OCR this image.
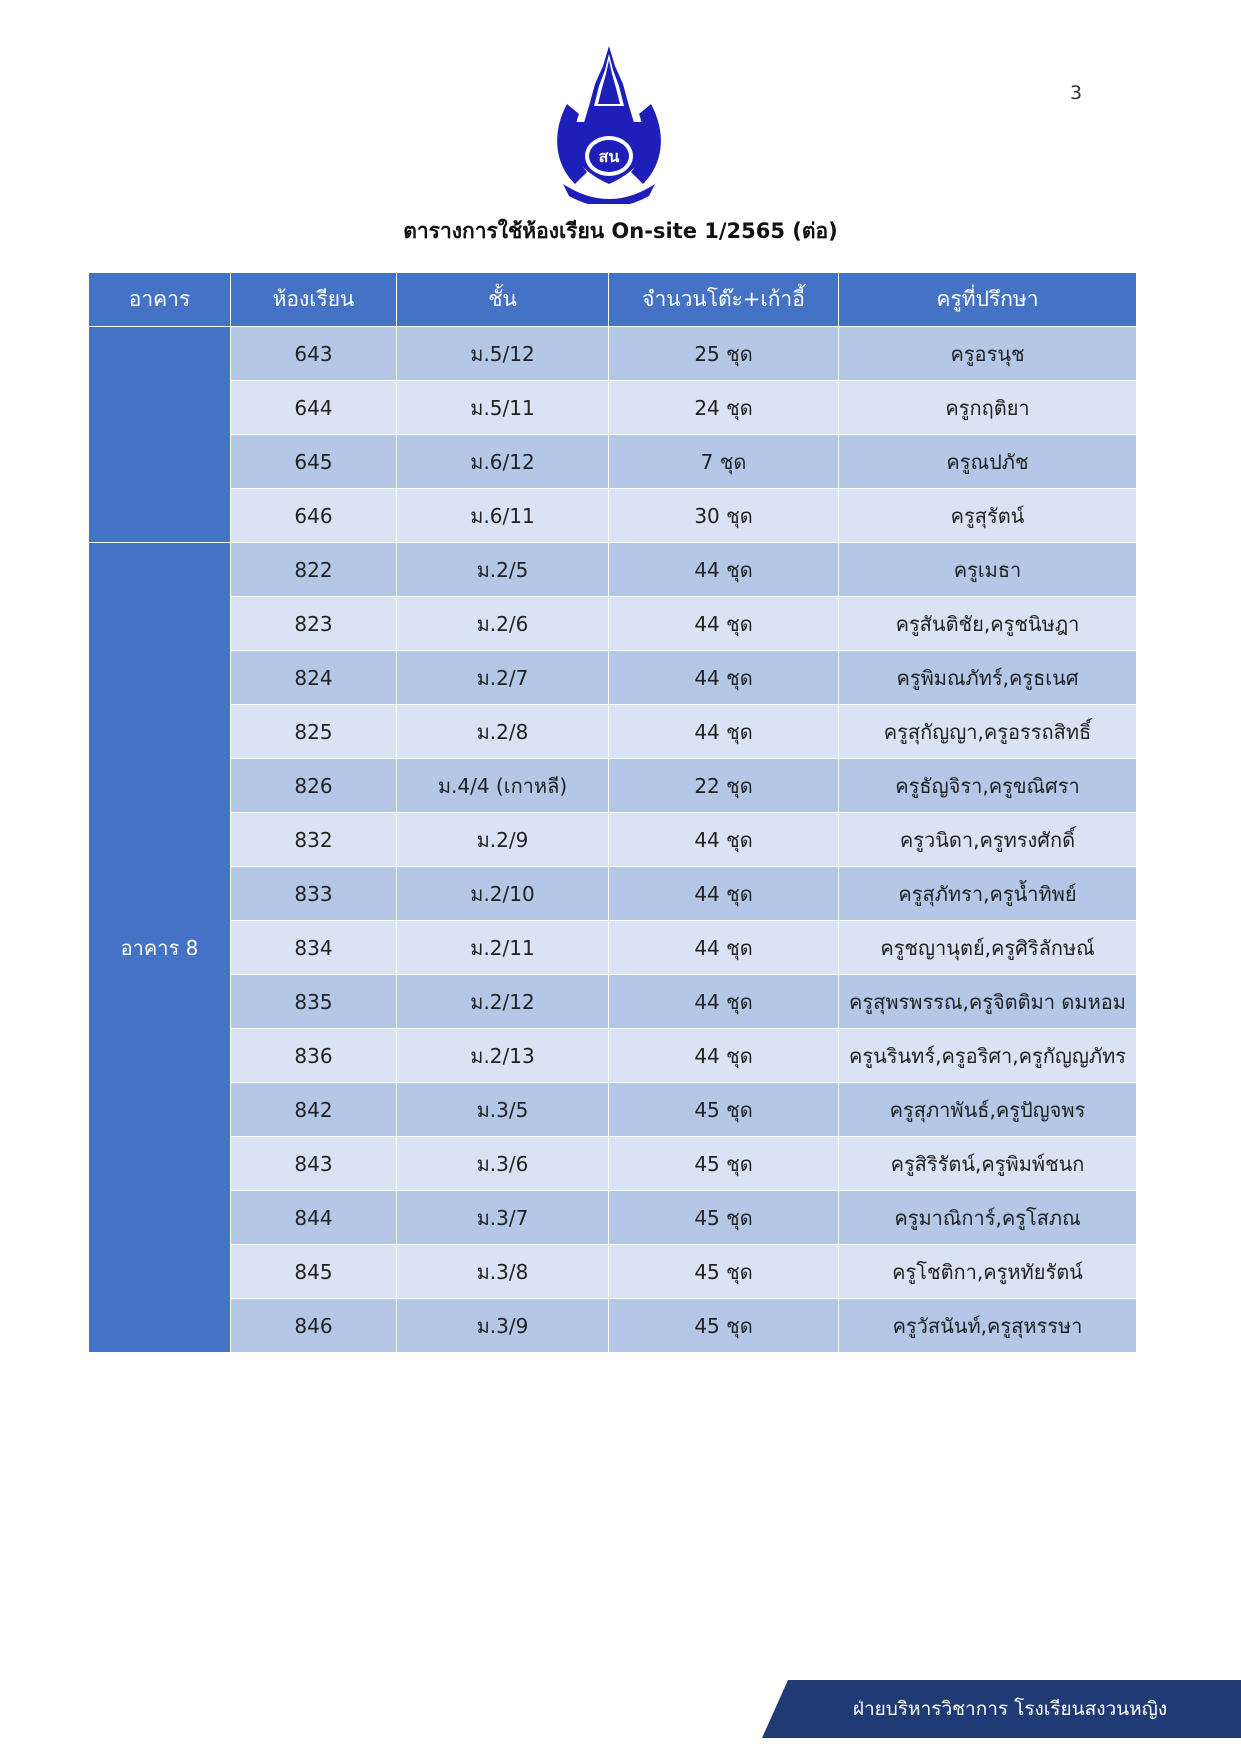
3
สน
ตารางการใช้ห้องเรียน On-site 1/2565 (ต่อ)
อาคาร	ห้องเรียน	ชั้น	จำนวนโต๊ะ+เก้าอี้	ครูที่ปรึกษา
	643	ม.5/12	25 ชุด	ครูอรนุช
	644	ม.5/11	24 ชุด	ครูกฤติยา
	645	ม.6/12	7 ชุด	ครูณปภัช
	646	ม.6/11	30 ชุด	ครูสุรัตน์
อาคาร 8	822	ม.2/5	44 ชุด	ครูเมธา
	823	ม.2/6	44 ชุด	ครูสันติชัย,ครูชนิษฎา
	824	ม.2/7	44 ชุด	ครูพิมณภัทร์,ครูธเนศ
	825	ม.2/8	44 ชุด	ครูสุกัญญา,ครูอรรถสิทธิ์
	826	ม.4/4 (เกาหลี)	22 ชุด	ครูธัญจิรา,ครูขณิศรา
	832	ม.2/9	44 ชุด	ครูวนิดา,ครูทรงศักดิ์
	833	ม.2/10	44 ชุด	ครูสุภัทรา,ครูน้ำทิพย์
	834	ม.2/11	44 ชุด	ครูชญานุตย์,ครูศิริลักษณ์
	835	ม.2/12	44 ชุด	ครูสุพรพรรณ,ครูจิตติมา ดมหอม
	836	ม.2/13	44 ชุด	ครูนรินทร์,ครูอริศา,ครูกัญญภัทร
	842	ม.3/5	45 ชุด	ครูสุภาพันธ์,ครูปัญจพร
	843	ม.3/6	45 ชุด	ครูสิริรัตน์,ครูพิมพ์ชนก
	844	ม.3/7	45 ชุด	ครูมาณิการ์,ครูโสภณ
	845	ม.3/8	45 ชุด	ครูโชติกา,ครูหทัยรัตน์
	846	ม.3/9	45 ชุด	ครูวัสนันท์,ครูสุหรรษา
ฝ่ายบริหารวิชาการ โรงเรียนสงวนหญิง
